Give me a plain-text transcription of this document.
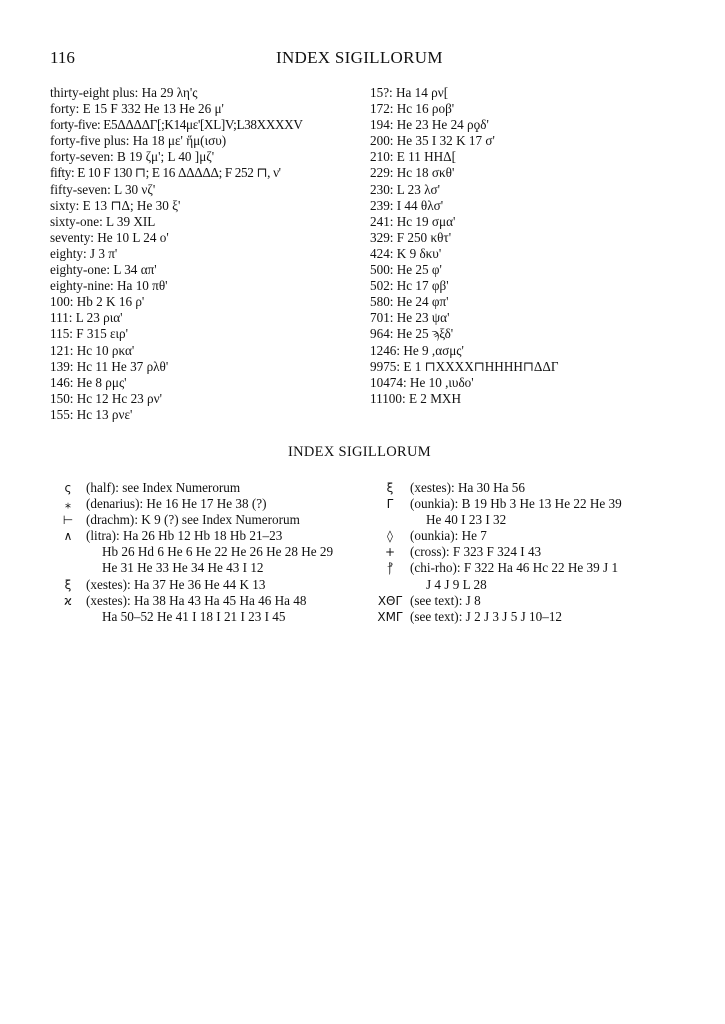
116	INDEX SIGILLORUM
thirty-eight plus: Ha 29 λη'ς
forty: E 15 F 332 He 13 He 26 μ'
forty-five: E5ΔΔΔΔΓ[;K14με'[XL]V;L38XXXXV
forty-five plus: Ha 18 με' ἥμ(ισυ)
forty-seven: B 19 ζμ'; L 40 ]μζ'
fifty: E 10 F 130 ⊓; E 16 ΔΔΔΔΔ; F 252 ⊓, ν'
fifty-seven: L 30 νζ'
sixty: E 13 ⊓Δ; He 30 ξ'
sixty-one: L 39 XIL
seventy: He 10 L 24 ο'
eighty: J 3 π'
eighty-one: L 34 απ'
eighty-nine: Ha 10 πθ'
100: Hb 2 K 16 ρ'
111: L 23 ρια'
115: F 315 ειρ'
121: Hc 10 ρκα'
139: Hc 11 He 37 ρλθ'
146: He 8 ρμς'
150: Hc 12 Hc 23 ρν'
155: Hc 13 ρνε'
15?: Ha 14 ρν[
172: Hc 16 ροβ'
194: He 23 He 24 ρϙδ'
200: He 35 I 32 K 17 σ'
210: E 11 ΗΗΔ[
229: Hc 18 σκθ'
230: L 23 λσ'
239: I 44 θλσ'
241: Hc 19 σμα'
329: F 250 κθτ'
424: K 9 δκυ'
500: He 25 φ'
502: Hc 17 φβ'
580: He 24 φπ'
701: He 23 ψα'
964: He 25 ϡξδ'
1246: He 9 ,ασμς'
9975: E 1 ⊓XXXX⊓ΗΗΗΗ⊓ΔΔΓ
10474: He 10 ,ιυδο'
11100: E 2 MXH
INDEX SIGILLORUM
ς	(half): see Index Numerorum
⁎	(denarius): He 16 He 17 He 38 (?)
⊢ (drachm): K 9 (?) see Index Numerorum
∧	(litra): Ha 26 Hb 12 Hb 18 Hb 21–23
Hb 26 Hd 6 He 6 He 22 He 26 He 28 He 29
He 31 He 33 He 34 He 43 I 12
ξ	(xestes): Ha 37 He 36 He 44 K 13
ϰ	(xestes): Ha 38 Ha 43 Ha 45 Ha 46 Ha 48
Ha 50–52 He 41 I 18 I 21 I 23 I 45
ξ	(xestes): Ha 30 Ha 56
Γ	(ounkia): B 19 Hb 3 He 13 He 22 He 39
He 40 I 23 I 32
◊	(ounkia): He 7
+	(cross): F 323 F 324 I 43
⳨	(chi-rho): F 322 Ha 46 Hc 22 He 39 J 1
J 4 J 9 L 28
XΘΓ (see text): J 8
XMΓ (see text): J 2 J 3 J 5 J 10–12
